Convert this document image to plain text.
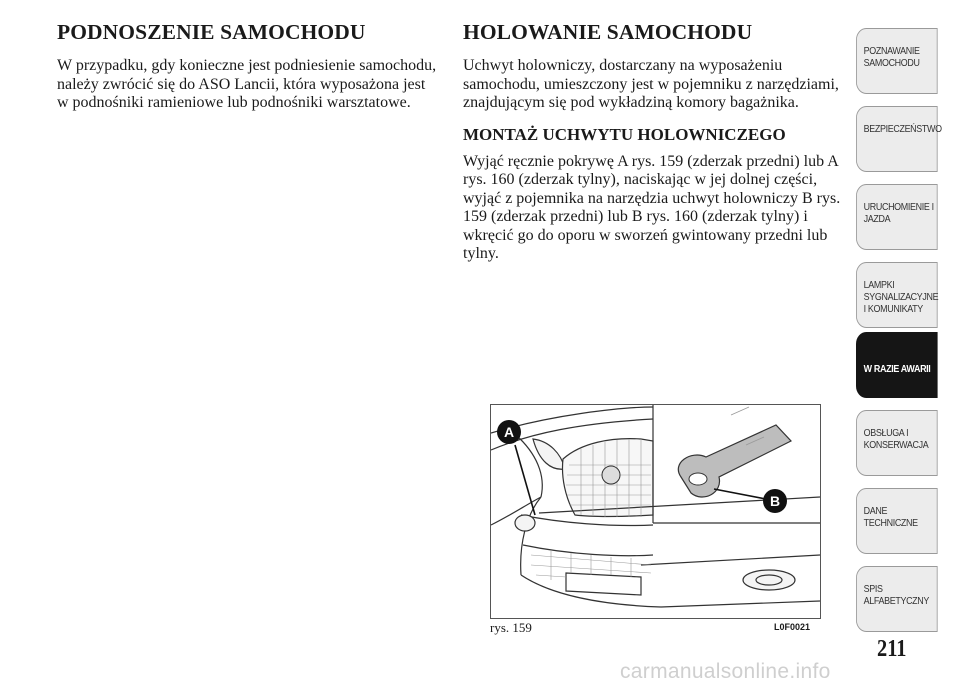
PODNOSZENIE SAMOCHODU

W przypadku, gdy konieczne jest podniesienie samochodu, należy zwrócić się do ASO Lancii, która wyposażona jest w podnośniki ramieniowe lub podnośniki warsztatowe.

HOLOWANIE SAMOCHODU

Uchwyt holowniczy, dostarczany na wyposażeniu samochodu, umieszczony jest w pojemniku z narzędziami, znajdującym się pod wykładziną komory bagażnika.

MONTAŻ UCHWYTU HOLOWNICZEGO

Wyjąć ręcznie pokrywę A rys. 159 (zderzak przedni) lub A rys. 160 (zderzak tylny), naciskając w jej dolnej części, wyjąć z pojemnika na narzędzia uchwyt holowniczy B rys. 159 (zderzak przedni) lub B rys. 160 (zderzak tylny) i wkręcić go do oporu w sworzeń gwintowany przedni lub tylny.

A
B
rys. 159	L0F0021
POZNAWANIE SAMOCHODU
BEZPIECZEŃSTWO
URUCHOMIENIE I JAZDA
LAMPKI SYGNALIZACYJNE I KOMUNIKATY
W RAZIE AWARII
OBSŁUGA I KONSERWACJA
DANE TECHNICZNE
SPIS ALFABETYCZNY
211
carmanualsonline.info
